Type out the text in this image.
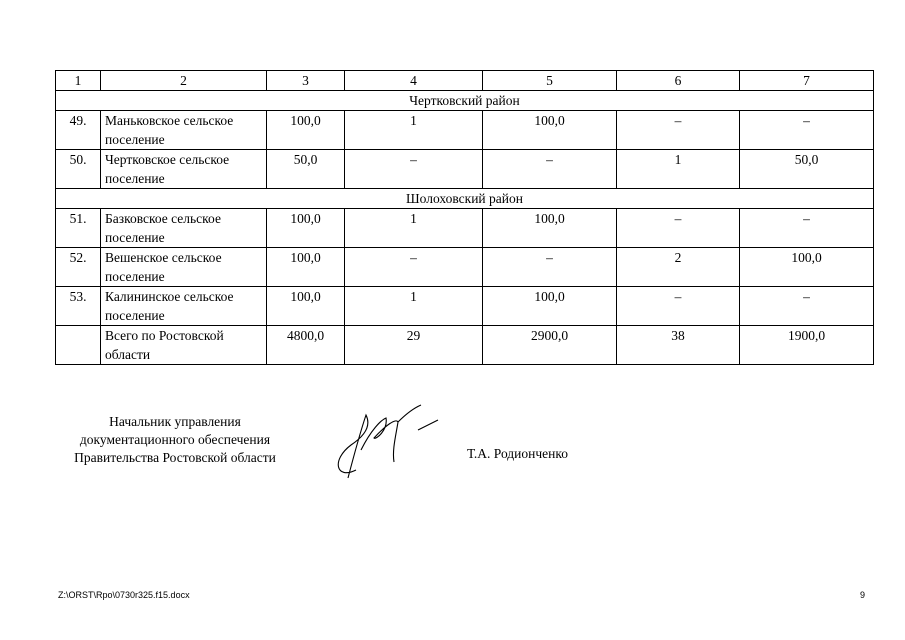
1	2	3	4	5	6	7
Чертковский район						
49.	Маньковское сельское поселение	100,0	1	100,0	–	–
50.	Чертковское сельское поселение	50,0	–	–	1	50,0
Шолоховский район						
51.	Базковское сельское поселение	100,0	1	100,0	–	–
52.	Вешенское сельское поселение	100,0	–	–	2	100,0
53.	Калининское сельское поселение	100,0	1	100,0	–	–
	Всего по Ростовской области	4800,0	29	2900,0	38	1900,0
Начальник управления
документационного обеспечения
Правительства Ростовской области	Т.А. Родионченко
Z:\ORST\Rpo\0730r325.f15.docx	9
